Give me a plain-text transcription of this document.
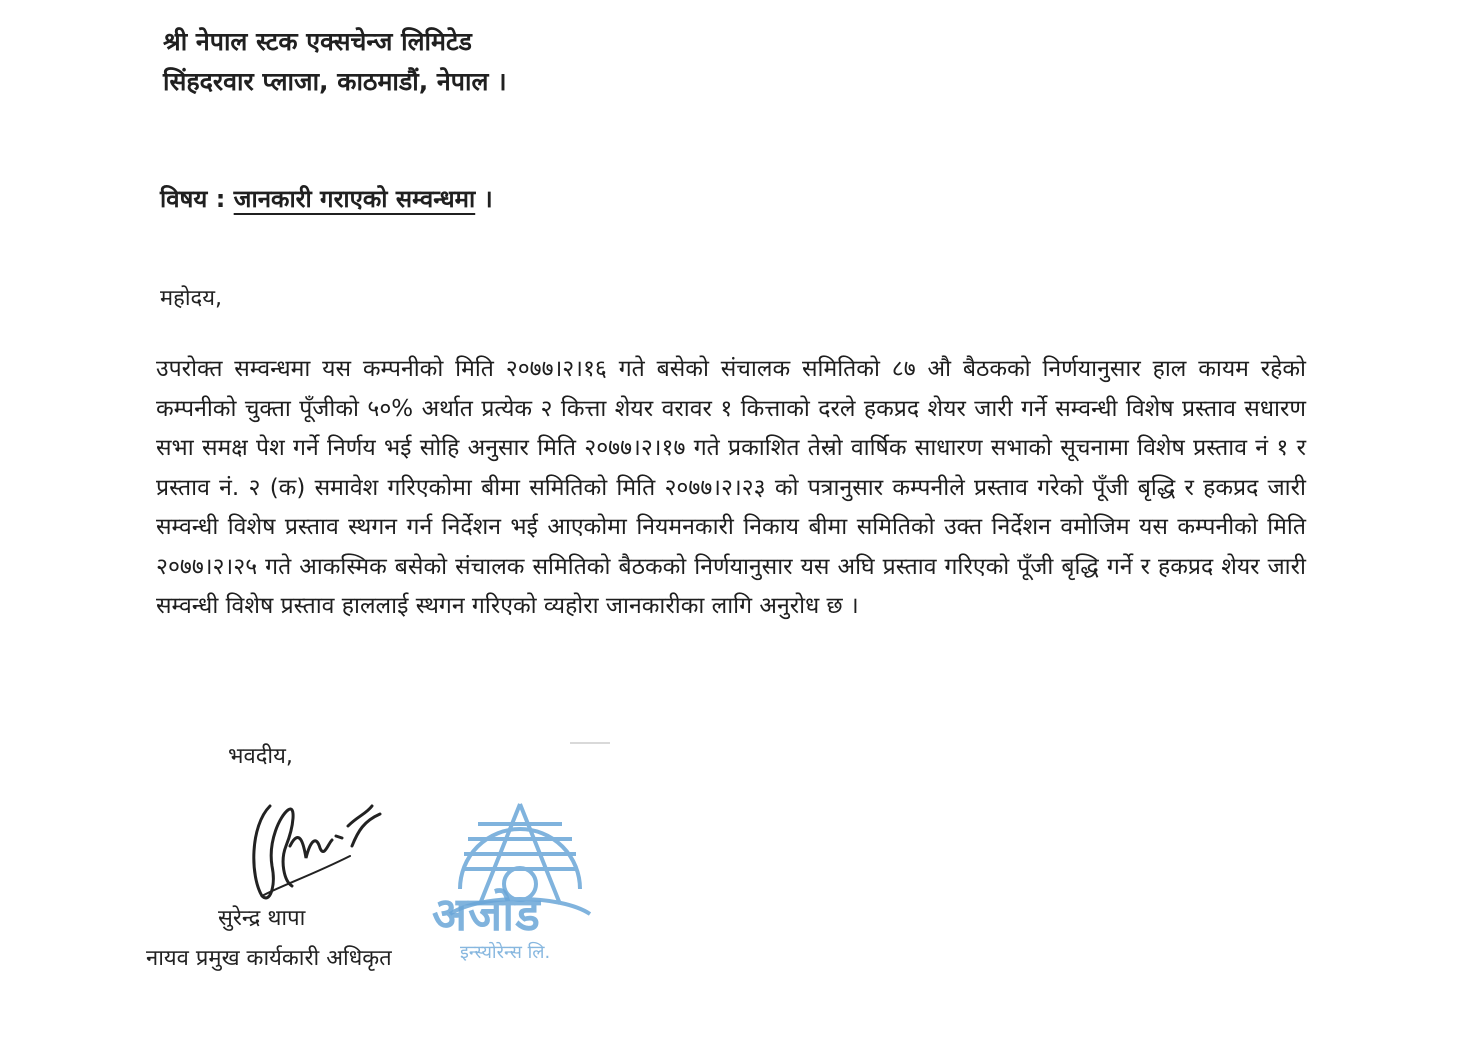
श्री नेपाल स्टक एक्सचेन्ज लिमिटेड
सिंहदरवार प्लाजा, काठमाडौं, नेपाल ।
विषय : जानकारी गराएको सम्वन्धमा ।
महोदय,
उपरोक्त सम्वन्धमा यस कम्पनीको मिति २०७७।२।१६ गते बसेको संचालक समितिको ८७ औ बैठकको निर्णयानुसार हाल कायम रहेको कम्पनीको चुक्ता पूँजीको ५०% अर्थात प्रत्येक २ कित्ता शेयर वरावर १ कित्ताको दरले हकप्रद शेयर जारी गर्ने सम्वन्धी विशेष प्रस्ताव सधारण सभा समक्ष पेश गर्ने निर्णय भई सोहि अनुसार मिति २०७७।२।१७ गते प्रकाशित तेस्रो वार्षिक साधारण सभाको सूचनामा विशेष प्रस्ताव नं १ र प्रस्ताव नं. २ (क) समावेश गरिएकोमा बीमा समितिको मिति २०७७।२।२३ को पत्रानुसार कम्पनीले प्रस्ताव गरेको पूँजी बृद्धि र हकप्रद जारी सम्वन्धी विशेष प्रस्ताव स्थगन गर्न निर्देशन भई आएकोमा नियमनकारी निकाय बीमा समितिको उक्त निर्देशन वमोजिम यस कम्पनीको मिति २०७७।२।२५ गते आकस्मिक बसेको संचालक समितिको बैठकको निर्णयानुसार यस अघि प्रस्ताव गरिएको पूँजी बृद्धि गर्ने र हकप्रद शेयर जारी सम्वन्धी विशेष प्रस्ताव हाललाई स्थगन गरिएको व्यहोरा जानकारीका लागि अनुरोध छ ।
भवदीय,
अजोड
इन्स्योरेन्स लि.
सुरेन्द्र थापा
नायव प्रमुख कार्यकारी अधिकृत
